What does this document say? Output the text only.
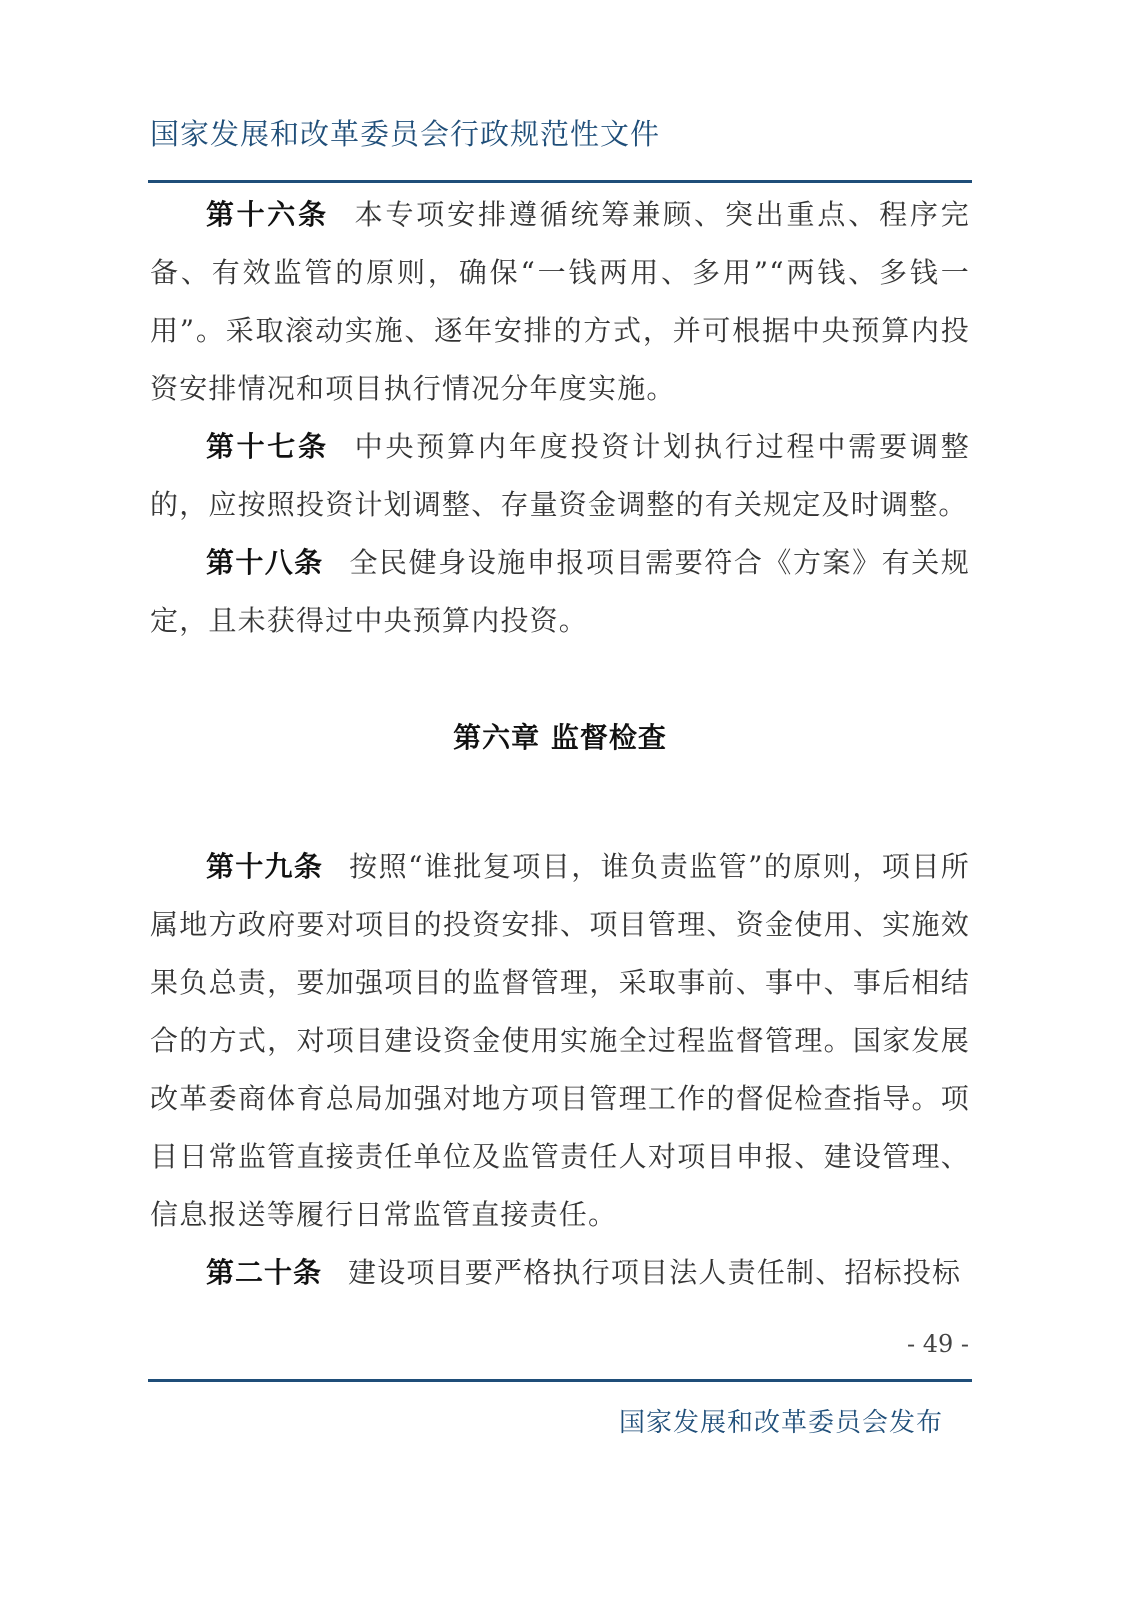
国家发展和改革委员会行政规范性文件

第十六条 本专项安排遵循统筹兼顾、突出重点、程序完备、有效监管的原则，确保“一钱两用、多用”“两钱、多钱一用”。采取滚动实施、逐年安排的方式，并可根据中央预算内投资安排情况和项目执行情况分年度实施。

第十七条 中央预算内年度投资计划执行过程中需要调整的，应按照投资计划调整、存量资金调整的有关规定及时调整。

第十八条 全民健身设施申报项目需要符合《方案》有关规定，且未获得过中央预算内投资。

第六章 监督检查

第十九条 按照“谁批复项目，谁负责监管”的原则，项目所属地方政府要对项目的投资安排、项目管理、资金使用、实施效果负总责，要加强项目的监督管理，采取事前、事中、事后相结合的方式，对项目建设资金使用实施全过程监督管理。国家发展改革委商体育总局加强对地方项目管理工作的督促检查指导。项目日常监管直接责任单位及监管责任人对项目申报、建设管理、信息报送等履行日常监管直接责任。

第二十条 建设项目要严格执行项目法人责任制、招标投标

- 49 -
国家发展和改革委员会发布
